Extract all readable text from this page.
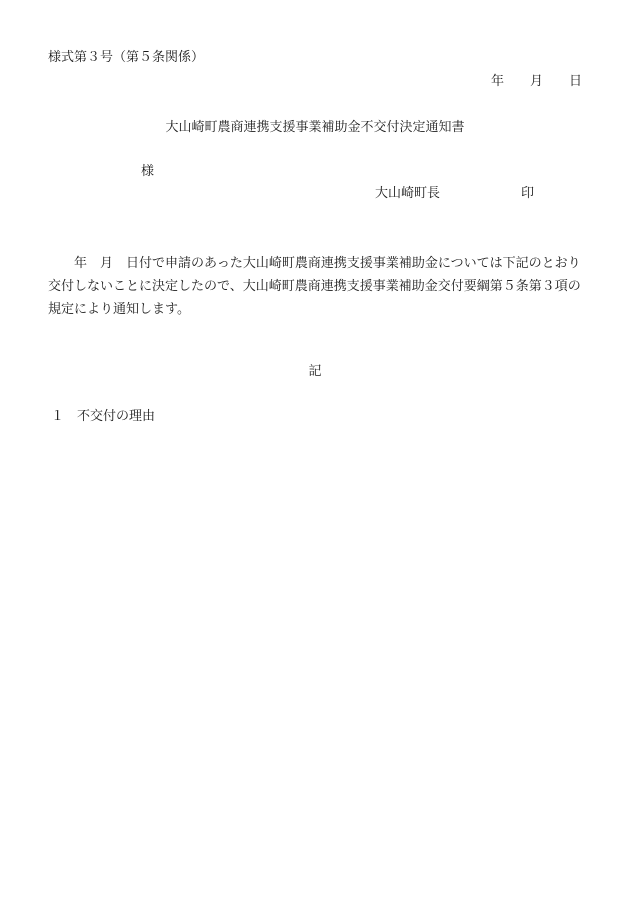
様式第３号（第５条関係）
年　　月　　日
大山崎町農商連携支援事業補助金不交付決定通知書
様
大山崎町長	印
年　月　日付で申請のあった大山崎町農商連携支援事業補助金については下記のとおり交付しないことに決定したので、大山崎町農商連携支援事業補助金交付要綱第５条第３項の規定により通知します。
記
１　不交付の理由
